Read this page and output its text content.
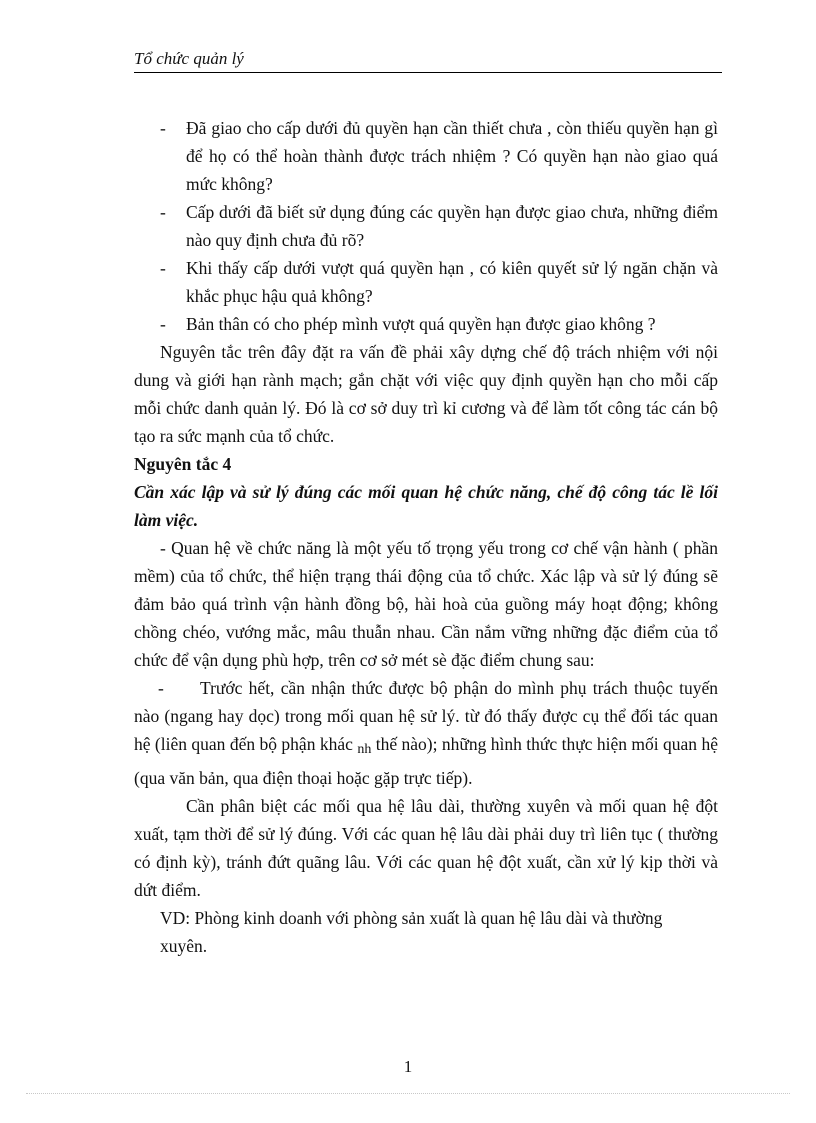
Tổ chức quản lý

- Đã giao cho cấp dưới đủ quyền hạn cần thiết chưa , còn thiếu quyền hạn gì để họ có thể hoàn thành được trách nhiệm ? Có quyền hạn nào giao quá mức không?

- Cấp dưới đã biết sử dụng đúng các quyền hạn được giao chưa, những điểm nào quy định chưa đủ rõ?

- Khi thấy cấp dưới vượt quá quyền hạn , có kiên quyết sử lý ngăn chặn và khắc phục hậu quả không?

- Bản thân có cho phép mình vượt quá quyền hạn được giao không ?

Nguyên tắc trên đây đặt ra vấn đề phải xây dựng chế độ trách nhiệm với nội dung và giới hạn rành mạch; gắn chặt với việc quy định quyền hạn cho mỗi cấp mỗi chức danh quản lý. Đó là cơ sở duy trì kỉ cương và để làm tốt công tác cán bộ tạo ra sức mạnh của tổ chức.

Nguyên tắc 4

Cần xác lập và sử lý đúng các mối quan hệ chức năng, chế độ công tác lề lối làm việc.

- Quan hệ về chức năng là một yếu tố trọng yếu trong cơ chế vận hành ( phần mềm) của tổ chức, thể hiện trạng thái động của tổ chức. Xác lập và sử lý đúng sẽ đảm bảo quá trình vận hành đồng bộ, hài hoà của guồng máy hoạt động; không chồng chéo, vướng mắc, mâu thuẫn nhau. Cần nắm vững những đặc điểm của tổ chức để vận dụng phù hợp, trên cơ sở mét sè đặc điểm chung sau:

- Trước hết, cần nhận thức được bộ phận do mình phụ trách thuộc tuyến nào (ngang hay dọc) trong mối quan hệ sử lý. từ đó thấy được cụ thể đối tác quan hệ (liên quan đến bộ phận khác nh thế nào); những hình thức thực hiện mối quan hệ (qua văn bản, qua điện thoại hoặc gặp trực tiếp).

Cần phân biệt các mối qua hệ lâu dài, thường xuyên và mối quan hệ đột xuất, tạm thời để sử lý đúng. Với các quan hệ lâu dài phải duy trì liên tục ( thường có định kỳ), tránh đứt quãng lâu. Với các quan hệ đột xuất, cần xử lý kịp thời và dứt điểm.

VD: Phòng kinh doanh với phòng sản xuất là quan hệ lâu dài và thường

xuyên.

1
